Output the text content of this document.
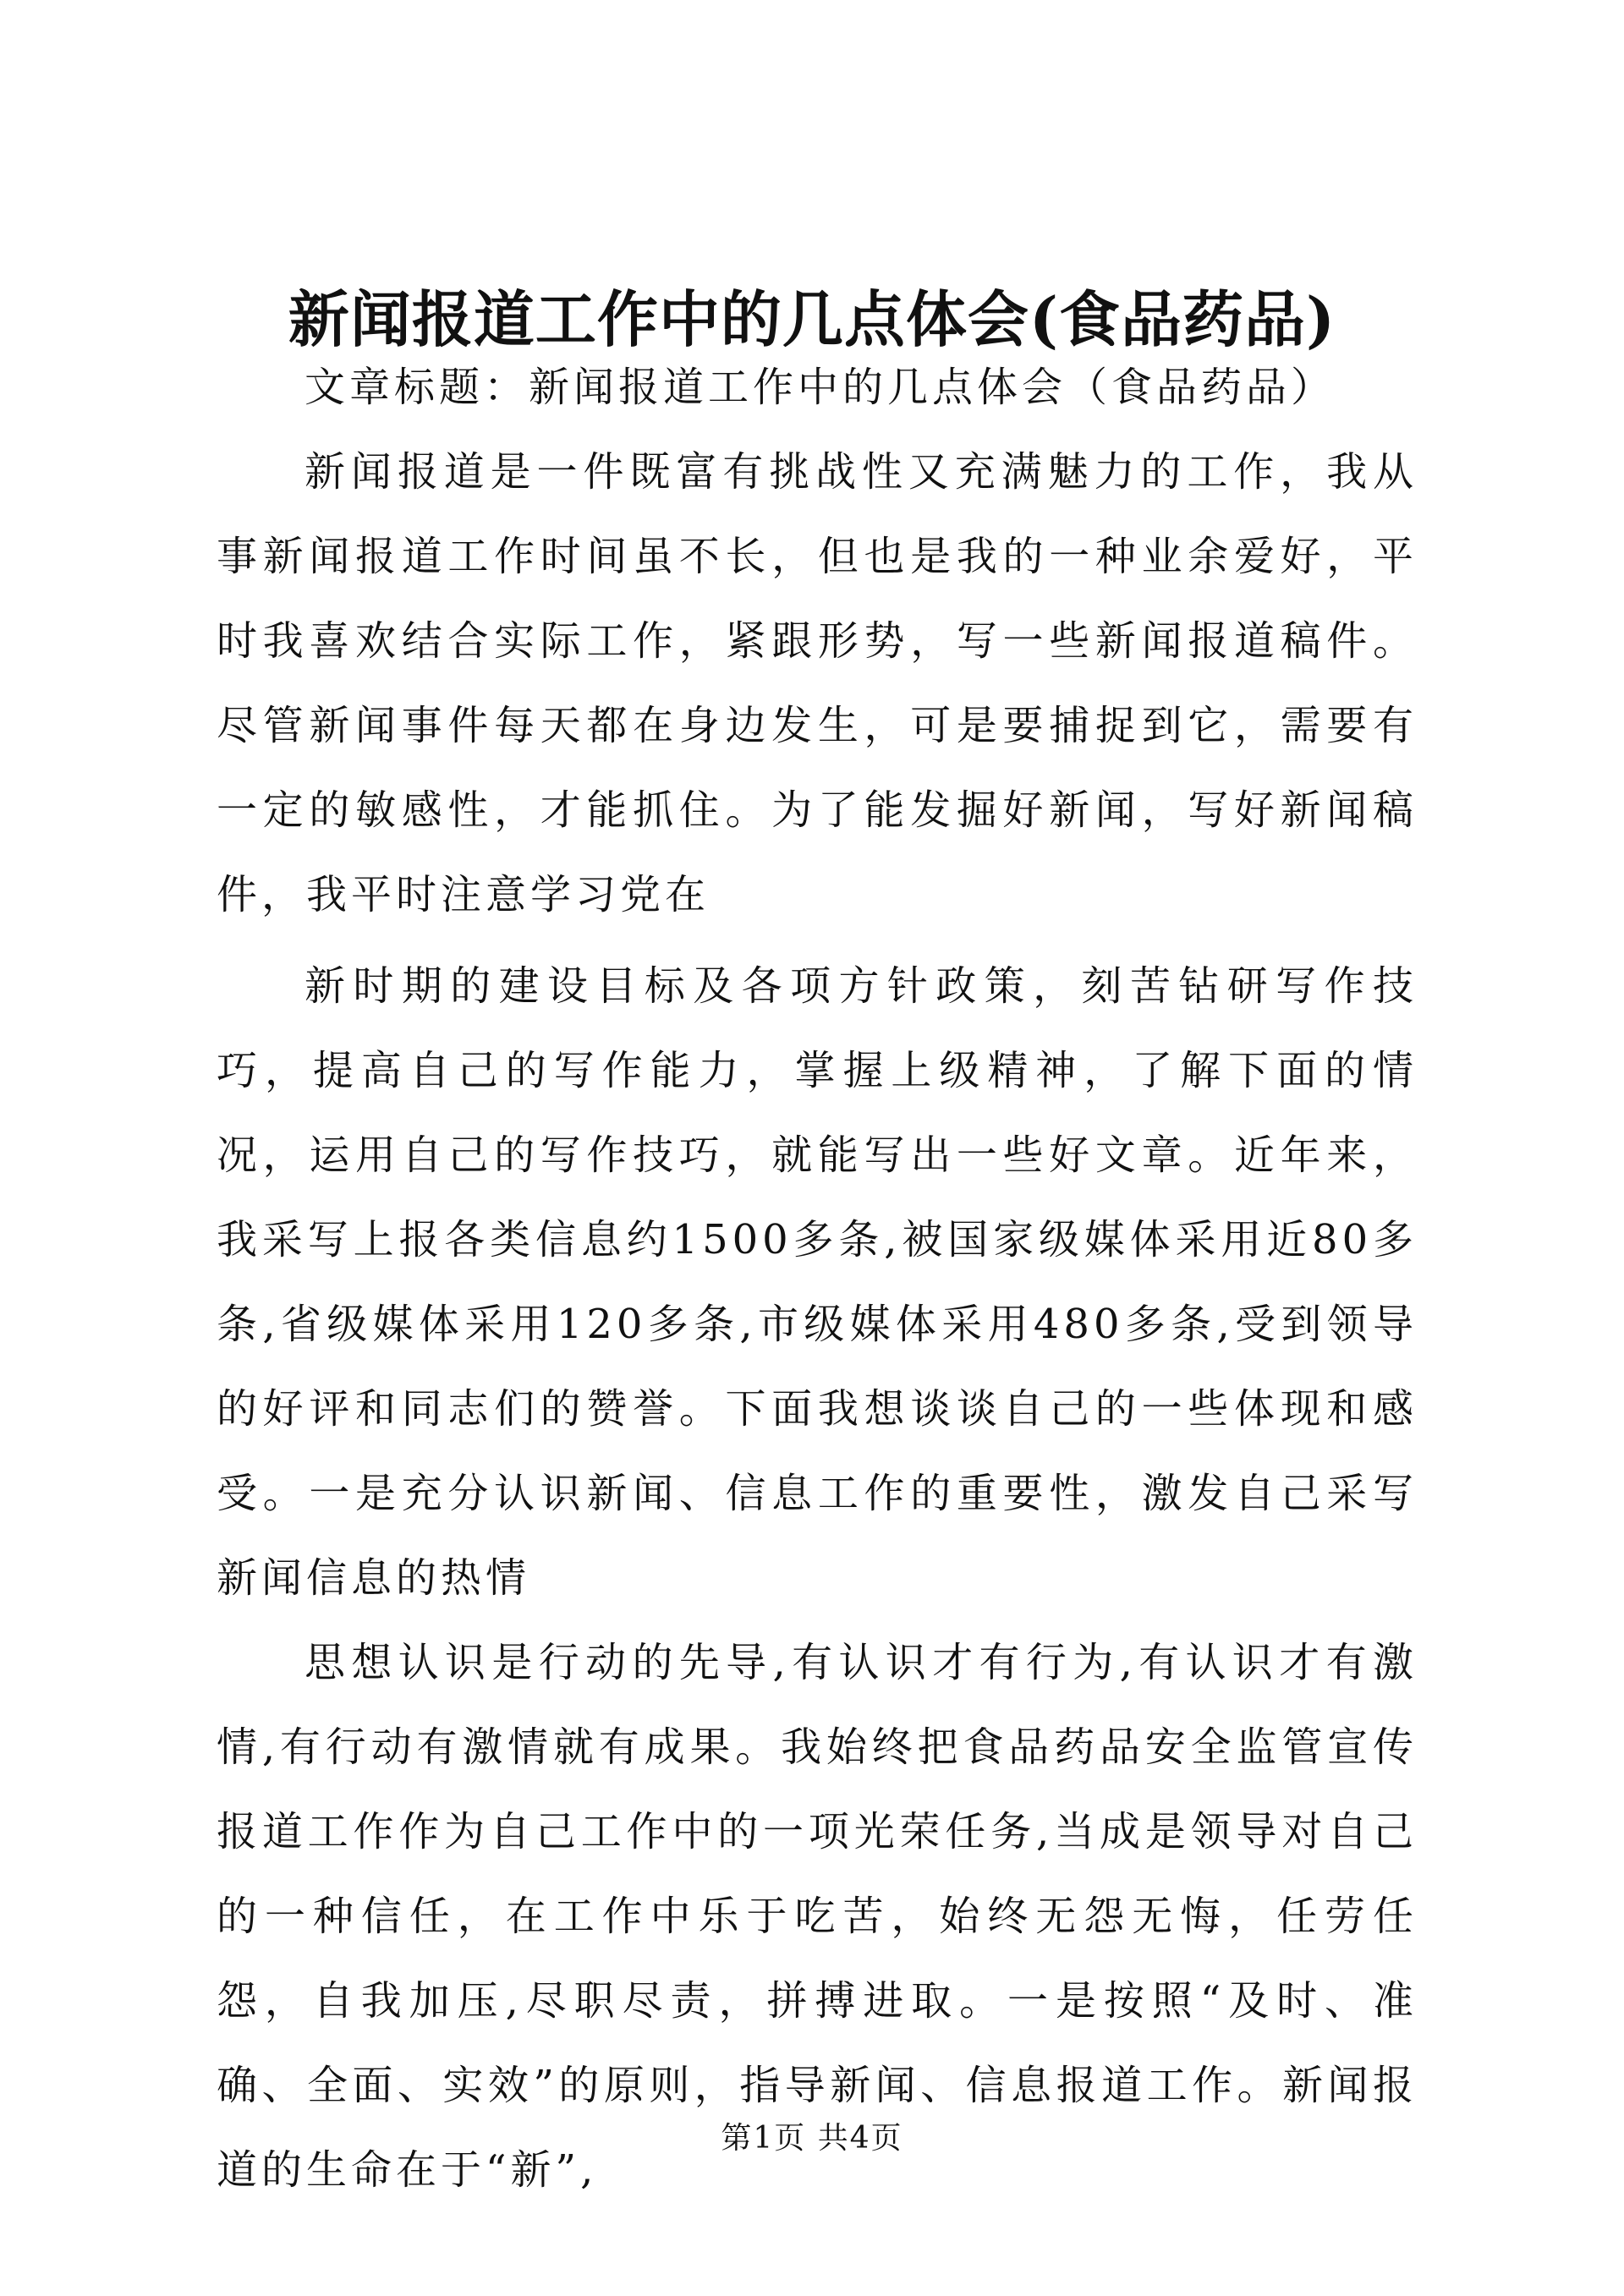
新闻报道工作中的几点体会(食品药品)

文章标题：新闻报道工作中的几点体会（食品药品）

新闻报道是一件既富有挑战性又充满魅力的工作，我从事新闻报道工作时间虽不长，但也是我的一种业余爱好，平时我喜欢结合实际工作，紧跟形势，写一些新闻报道稿件。尽管新闻事件每天都在身边发生，可是要捕捉到它，需要有一定的敏感性，才能抓住。为了能发掘好新闻，写好新闻稿件，我平时注意学习党在

新时期的建设目标及各项方针政策，刻苦钻研写作技巧，提高自己的写作能力，掌握上级精神，了解下面的情况，运用自己的写作技巧，就能写出一些好文章。近年来，我采写上报各类信息约1500多条,被国家级媒体采用近80多条,省级媒体采用120多条,市级媒体采用480多条,受到领导的好评和同志们的赞誉。下面我想谈谈自己的一些体现和感受。一是充分认识新闻、信息工作的重要性，激发自己采写新闻信息的热情

思想认识是行动的先导,有认识才有行为,有认识才有激情,有行动有激情就有成果。我始终把食品药品安全监管宣传报道工作作为自己工作中的一项光荣任务,当成是领导对自己的一种信任，在工作中乐于吃苦，始终无怨无悔，任劳任怨，自我加压,尽职尽责，拼搏进取。一是按照“及时、准确、全面、实效”的原则，指导新闻、信息报道工作。新闻报道的生命在于“新”,

第1页 共4页
